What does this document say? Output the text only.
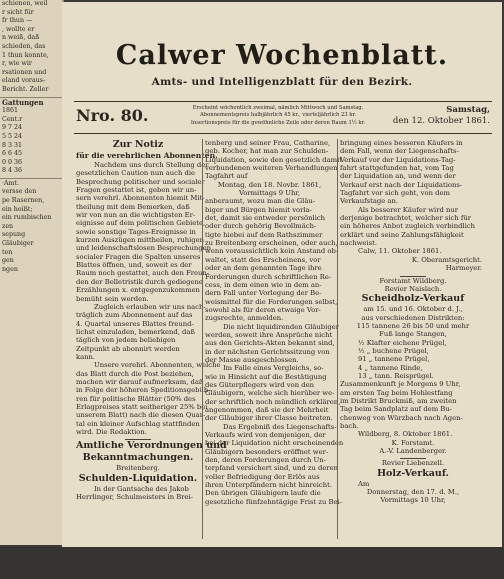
schienen, weil
r sicht für
fr thun —
, wollte er
n weiß, daß
schieden, das
1 thun konnte,
r, wie wir
rsationen und
eland voraus-
Bericht. Zeller
Gattungen
1861
Cent.r
9 7 24
5 5 24
8 3 31
6 6 45
0 0 36
8 4 36
·Amt.
versse den
pe Rasernen,
ein heißt;
ein rumbischen
zen
sepung
Gläubiger
ten
gen
ngen
Calwer Wochenblatt.
Amts- und Intelligenzblatt für den Bezirk.
Nro. 80.	Erscheint wöchentlich zweimal, nämlich Mittwoch und Samstag.
Abonnementspreis halbjährlich 45 kr., vierteljährlich 23 kr.
Insertionspreis für die gewöhnliche Zeile oder deren Raum 1½ kr.
Samstag,
den 12. Oktober 1861.
Zur Notiz
für die verehrlichen Abonnenten.
Nachdem uns durch Stellung der
gesetzlichen Caution nun auch die
Besprechung politischer und socialer
Fragen gestattet ist, geben wir un-
sern verehrl. Abonnenten hiemit Mit-
theilung mit dem Bemerken, daß
wir von nun an die wichtigsten Er-
eignisse auf dem politischen Gebiete,
sowie sonstige Tages-Ereignisse in
kurzen Auszügen mittheilen, ruhigen
und leidenschaftslosen Besprechungen
socialer Fragen die Spalten unseres
Blattes öffnen, und, soweit es der
Raum noch gestattet, auch den Freun-
den der Belletristik durch gediegene
Erzählungen x. entgegenzukommen
bemüht sein werden.
Zugleich erlauben wir uns nach-
träglich zum Abonnement auf das
4. Quartal unseres Blattes freund-
lichst einzuladen, bemerkend, daß
täglich von jedem beliebigen
Zeitpunkt ab abonnirt werden
kann.
Unsere verehrl. Abonnenten, welche
das Blatt durch die Post beziehen,
machen wir darauf aufmerksam, daß
in Folge der höheren Speditionsgebüh-
ren für politische Blätter (50% des
Erlagpreises statt seitheriger 25% bei
unserem Blatt) nach die diesen Quar-
tal ein kleiner Aufschlag stattfinden
wird. Die Redaktion.
Amtliche Verordnungen und
Bekanntmachungen.
Breitenberg.
Schulden-Liquidation.
In der Gantsache des Jakob
Herrlinger, Schulmeisters in Brei-
tenberg und seiner Frau, Catharine,
geb. Kocher, hat man zur Schulden-
Liquidation, sowie den gesetzlich damit
verbundenen weiteren Verhandlungen
Tagfahrt auf
Montag, den 18. Novbr. 1861,
Vormittags 9 Uhr,
anberaumt, wozu man die Gläu-
biger und Bürgen hiemit vorla-
det, damit sie entweder persönlich
oder durch gehörig Bevollmäch-
tigte hiebei auf dem Rathszimmer
zu Breitenberg erscheinen, oder auch,
wenn voraussichtlich kein Anstand ob-
waltet, statt des Erscheinens, vor
oder an dem genannten Tage ihre
Forderungen durch schriftlichen Re-
cess, in dem einen wie in dem an-
dern Fall unter Vorlegung der Be-
weismittel für die Forderungen selbst,
sowohl als für deren etwaige Vor-
zugsrechte, anmelden.
Die nicht liquidirenden Gläubiger
werden, soweit ihre Ansprüche nicht
aus den Gerichts-Akten bekannt sind,
in der nächsten Gerichtssitzung von
der Masse ausgeschlossen.
Im Falle eines Vergleichs, so-
wie in Hinsicht auf die Bestätigung
des Güterpflegers wird von den
Gläubigern, welche sich hierüber we-
der schriftlich noch mündlich erklären,
angenommen, daß sie der Mehrheit
der Gläubiger ihrer Classe beitreten.
Das Ergebniß des Liegenschafts-
Verkaufs wird von demjenigen, der
bei der Liquidation nicht erscheinenden
Gläubigern besonders eröffnet wer-
den, deren Forderungen durch Un-
terpfand versichert sind, und zu deren
voller Befriedigung der Erlös aus
ihren Unterpfändern nicht hinreicht.
Den übrigen Gläubigern laufe die
gesetzliche fünfzehntägige Frist zu Bei-
bringung eines besseren Käufers in
dem Fall, wenn der Liegenschafts-
Verkauf vor der Liquidations-Tag-
fahrt stattgefunden hat, vom Tag
der Liquidation an, und wenn der
Verkauf erst nach der Liquidations-
Tagfahrt vor sich geht, von dem
Verkaufstage an.
Als besserer Käufer wird nur
derjenige betrachtet, welcher sich für
ein höheres Anbot zugleich verbindlich
erklärt und seine Zahlungsfähigkeit
nachweist.
Calw, 11. Oktober 1861.
K. Oberamtsgericht.
Harmeyer.
Forstamt Wildberg.
Revier Naislach.
Scheidholz-Verkauf
am 15. und 16. Oktober d. J.,
aus verschiedenen Distrikten:
115 tannene 26 bis 50 und mehr
Fuß lange Stangen,
½ Klafter eichene Prügel,
½ „ buchene Prügel,
91 „ tannene Prügel,
4 „ tannene Rinde,
13 „ tann. Reisprügel.
Zusammenkunft je Morgens 9 Uhr,
am ersten Tag beim Hohlestfang
im Distrikt Bruckmiß, am zweiten
Tag beim Sandplatz auf dem Bu-
chenweg von Würzbach nach Agen-
bach.
Wildberg, 8. Oktober 1861.
K. Forstamt.
A.-V. Landenberger.
Revier Liebenzell.
Holz-Verkauf.
Am
Donnerstag, den 17. d. M.,
Vormittags 10 Uhr,
